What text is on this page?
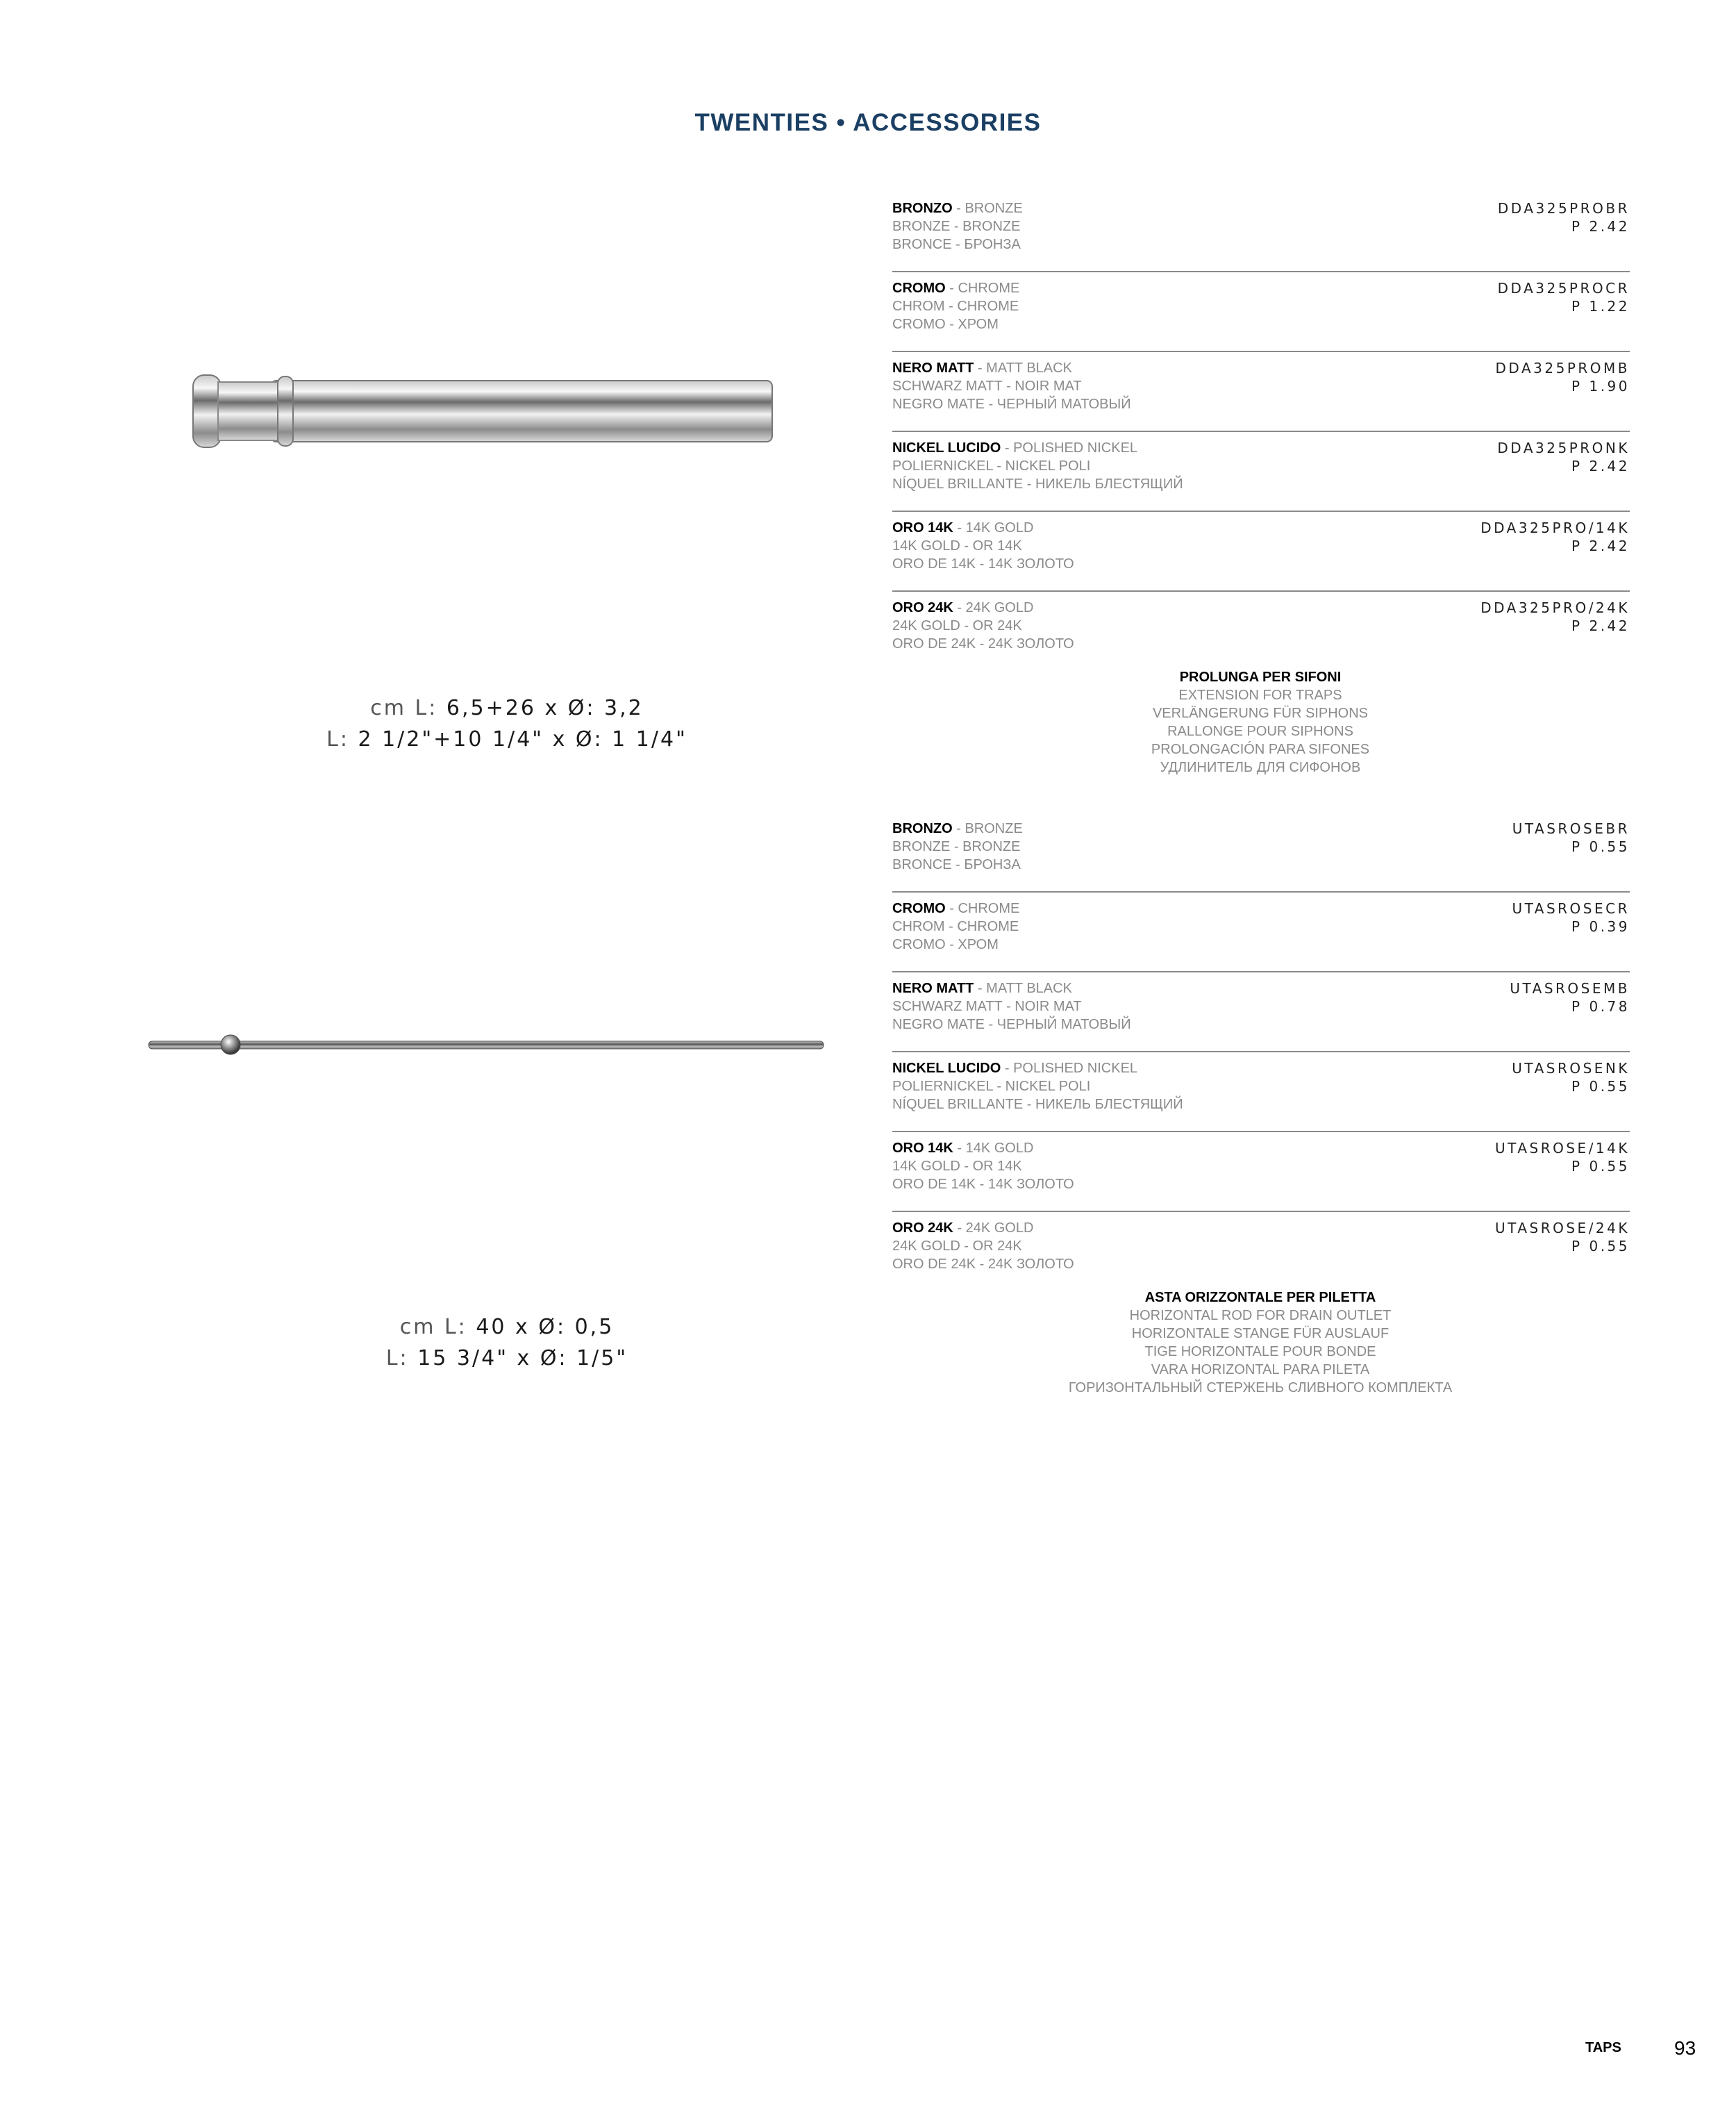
TWENTIES • ACCESSORIES
cm L: 6,5+26 x Ø: 3,2
L: 2 1/2"+10 1/4" x Ø: 1 1/4"
BRONZO - BRONZE
BRONZE - BRONZE
BRONCE - БРОНЗА
DDA325PROBR
P 2.42
CROMO - CHROME
CHROM - CHROME
CROMO - ХРОМ
DDA325PROCR
P 1.22
NERO MATT - MATT BLACK
SCHWARZ MATT - NOIR MAT
NEGRO MATE - ЧЕРНЫЙ МАТОВЫЙ
DDA325PROMB
P 1.90
NICKEL LUCIDO - POLISHED NICKEL
POLIERNICKEL - NICKEL POLI
NÍQUEL BRILLANTE - НИКЕЛЬ БЛЕСТЯЩИЙ
DDA325PRONK
P 2.42
ORO 14K - 14K GOLD
14K GOLD - OR 14K
ORO DE 14K - 14K ЗОЛОТО
DDA325PRO/14K
P 2.42
ORO 24K - 24K GOLD
24K GOLD - OR 24K
ORO DE 24K - 24K ЗОЛОТО
DDA325PRO/24K
P 2.42
PROLUNGA PER SIFONI
EXTENSION FOR TRAPS
VERLÄNGERUNG FÜR SIPHONS
RALLONGE POUR SIPHONS
PROLONGACIÓN PARA SIFONES
УДЛИНИТЕЛЬ ДЛЯ СИФОНОВ
cm L: 40 x Ø: 0,5
L: 15 3/4" x Ø: 1/5"
BRONZO - BRONZE
BRONZE - BRONZE
BRONCE - БРОНЗА
UTASROSEBR
P 0.55
CROMO - CHROME
CHROM - CHROME
CROMO - ХРОМ
UTASROSECR
P 0.39
NERO MATT - MATT BLACK
SCHWARZ MATT - NOIR MAT
NEGRO MATE - ЧЕРНЫЙ МАТОВЫЙ
UTASROSEMB
P 0.78
NICKEL LUCIDO - POLISHED NICKEL
POLIERNICKEL - NICKEL POLI
NÍQUEL BRILLANTE - НИКЕЛЬ БЛЕСТЯЩИЙ
UTASROSENK
P 0.55
ORO 14K - 14K GOLD
14K GOLD - OR 14K
ORO DE 14K - 14K ЗОЛОТО
UTASROSE/14K
P 0.55
ORO 24K - 24K GOLD
24K GOLD - OR 24K
ORO DE 24K - 24K ЗОЛОТО
UTASROSE/24K
P 0.55
ASTA ORIZZONTALE PER PILETTA
HORIZONTAL ROD FOR DRAIN OUTLET
HORIZONTALE STANGE FÜR AUSLAUF
TIGE HORIZONTALE POUR BONDE
VARA HORIZONTAL PARA PILETA
ГОРИЗОНТАЛЬНЫЙ СТЕРЖЕНЬ СЛИВНОГО КОМПЛЕКТА
TAPS	93
